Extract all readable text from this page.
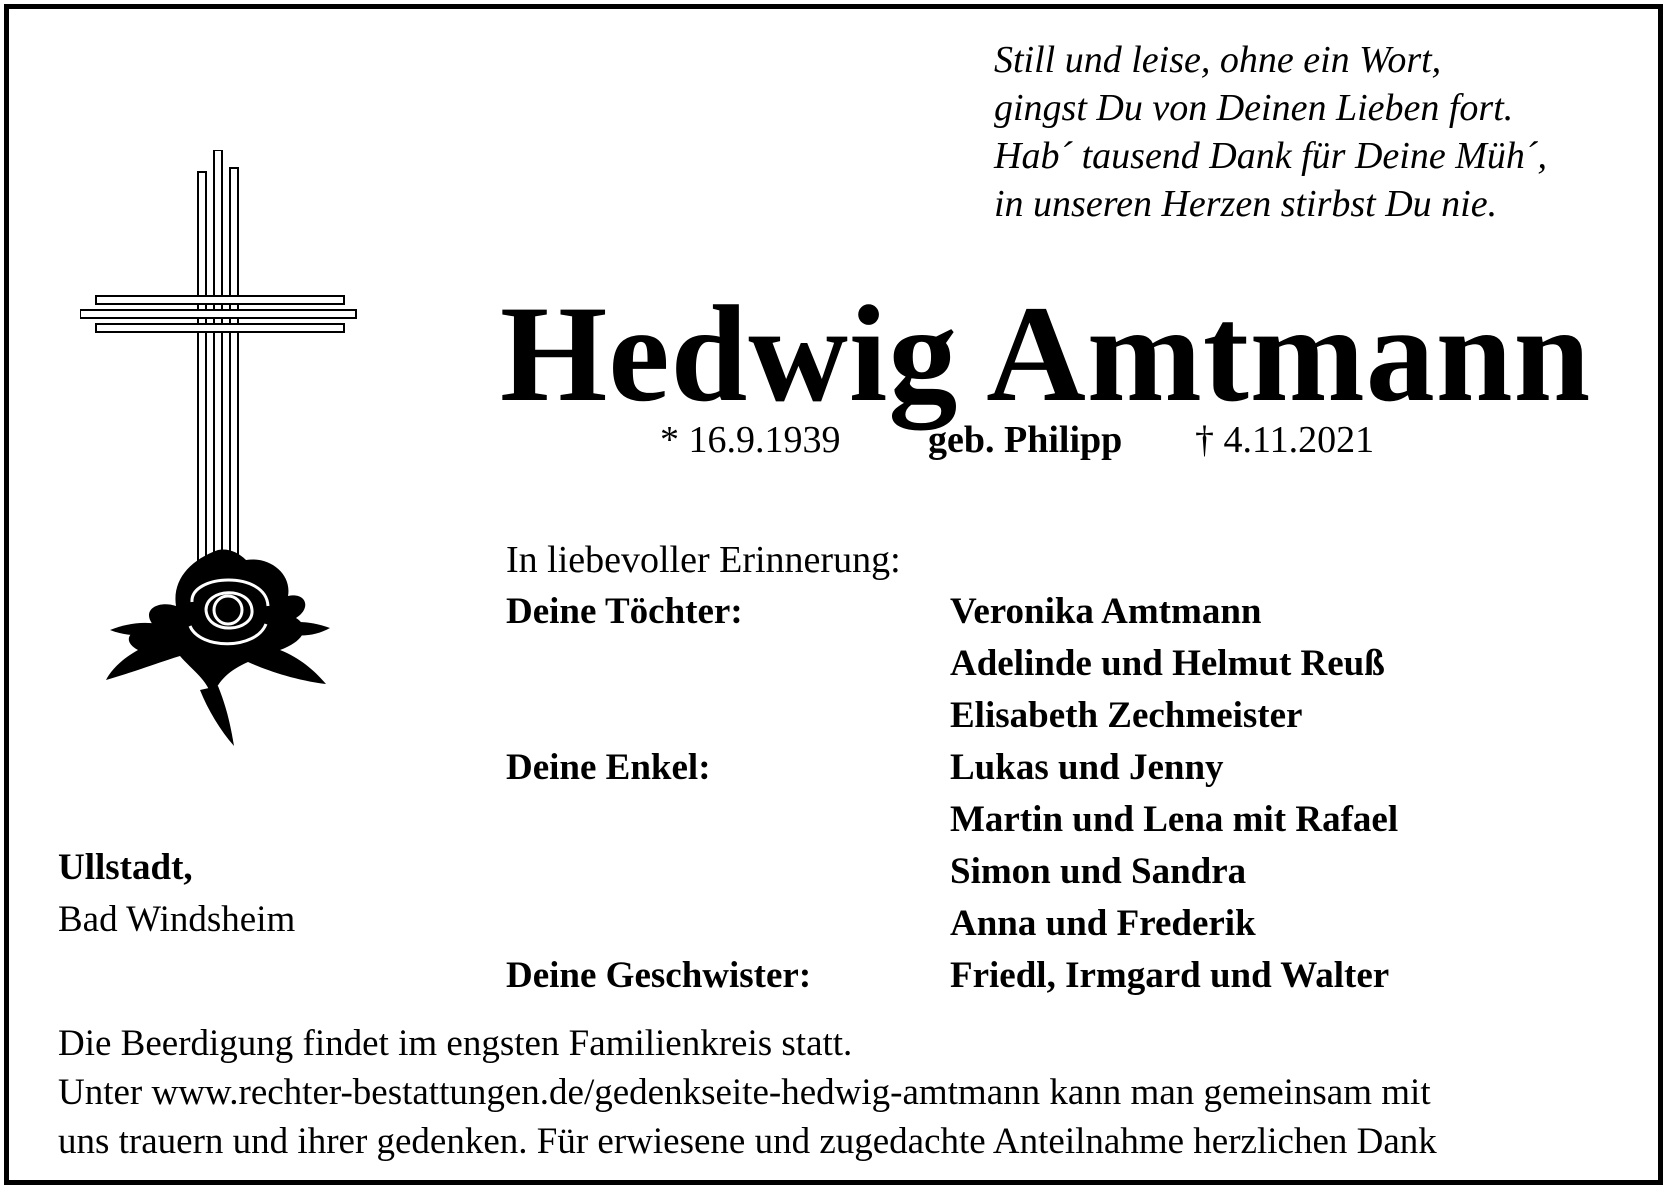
Still und leise, ohne ein Wort,
gingst Du von Deinen Lieben fort.
Hab´ tausend Dank für Deine Müh´,
in unseren Herzen stirbst Du nie.
Hedwig Amtmann
* 16.9.1939 geb. Philipp † 4.11.2021
In liebevoller Erinnerung:
Deine Töchter:	Veronika Amtmann
Adelinde und Helmut Reuß
Elisabeth Zechmeister
Deine Enkel:	Lukas und Jenny
Martin und Lena mit Rafael
Simon und Sandra
Anna und Frederik
Deine Geschwister:	Friedl, Irmgard und Walter
Ullstadt,
Bad Windsheim
Die Beerdigung findet im engsten Familienkreis statt.
Unter www.rechter-bestattungen.de/gedenkseite-hedwig-amtmann kann man gemeinsam mit
uns trauern und ihrer gedenken. Für erwiesene und zugedachte Anteilnahme herzlichen Dank
